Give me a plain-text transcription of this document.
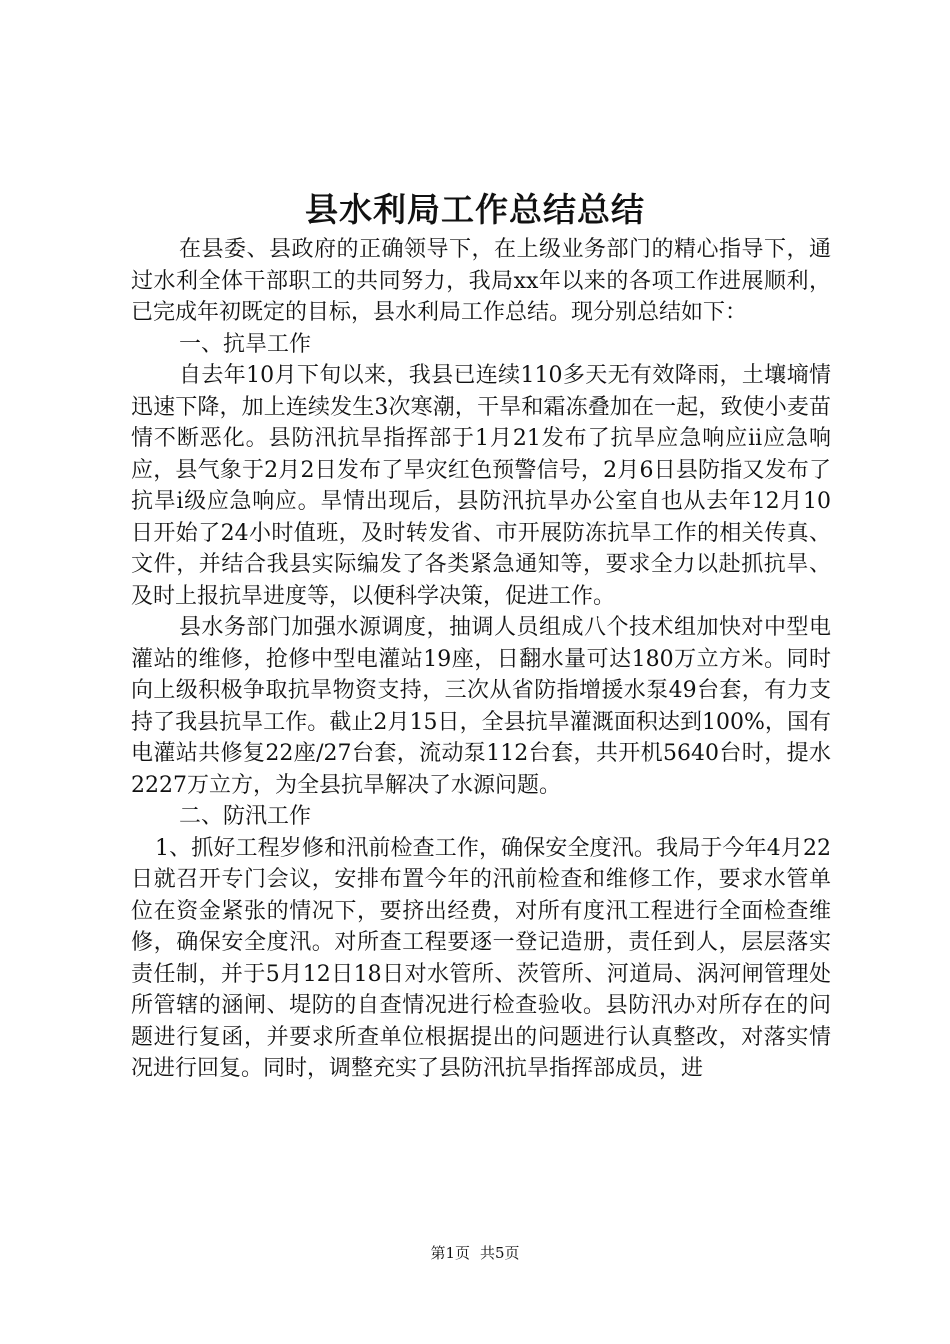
县水利局工作总结总结

在县委、县政府的正确领导下，在上级业务部门的精心指导下，通过水利全体干部职工的共同努力，我局xx年以来的各项工作进展顺利，已完成年初既定的目标，县水利局工作总结。现分别总结如下：

一、抗旱工作

自去年10月下旬以来，我县已连续110多天无有效降雨，土壤墒情迅速下降，加上连续发生3次寒潮，干旱和霜冻叠加在一起，致使小麦苗情不断恶化。县防汛抗旱指挥部于1月21发布了抗旱应急响应ii应急响应，县气象于2月2日发布了旱灾红色预警信号，2月6日县防指又发布了抗旱i级应急响应。旱情出现后，县防汛抗旱办公室自也从去年12月10日开始了24小时值班，及时转发省、市开展防冻抗旱工作的相关传真、文件，并结合我县实际编发了各类紧急通知等，要求全力以赴抓抗旱、及时上报抗旱进度等，以便科学决策，促进工作。

县水务部门加强水源调度，抽调人员组成八个技术组加快对中型电灌站的维修，抢修中型电灌站19座，日翻水量可达180万立方米。同时向上级积极争取抗旱物资支持，三次从省防指增援水泵49台套，有力支持了我县抗旱工作。截止2月15日，全县抗旱灌溉面积达到100%，国有电灌站共修复22座/27台套，流动泵112台套，共开机5640台时，提水2227万立方，为全县抗旱解决了水源问题。

二、防汛工作

1、抓好工程岁修和汛前检查工作，确保安全度汛。我局于今年4月22日就召开专门会议，安排布置今年的汛前检查和维修工作，要求水管单位在资金紧张的情况下，要挤出经费，对所有度汛工程进行全面检查维修，确保安全度汛。对所查工程要逐一登记造册，责任到人，层层落实责任制，并于5月12日18日对水管所、茨管所、河道局、涡河闸管理处所管辖的涵闸、堤防的自查情况进行检查验收。县防汛办对所存在的问题进行复函，并要求所查单位根据提出的问题进行认真整改，对落实情况进行回复。同时，调整充实了县防汛抗旱指挥部成员，进

第1页 共5页
